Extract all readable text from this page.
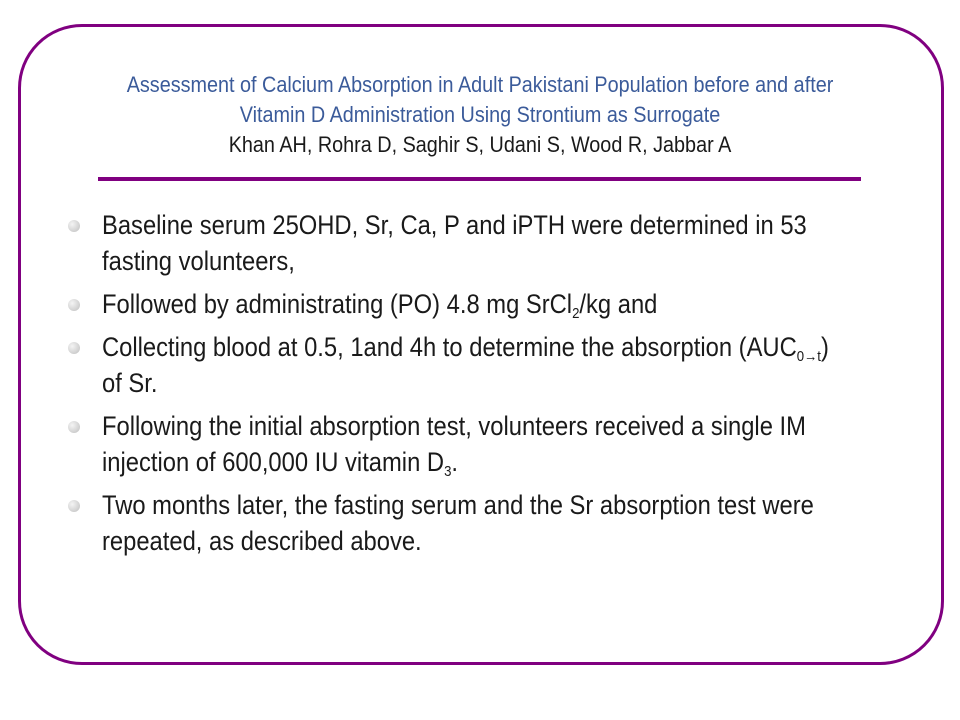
Assessment of Calcium Absorption in Adult Pakistani Population before and after
Vitamin D Administration Using Strontium as Surrogate
Khan AH, Rohra D, Saghir S, Udani S, Wood R, Jabbar A
Baseline serum 25OHD, Sr, Ca, P and iPTH were determined in 53
fasting volunteers,
Followed by administrating (PO) 4.8 mg SrCl$_2$/kg and
Collecting blood at 0.5, 1and 4h to determine the absorption $(AUC_{0\to t})$
of Sr.
Following the initial absorption test, volunteers received a single IM
injection of 600,000 IU vitamin $D_3$.
Two months later, the fasting serum and the Sr absorption test were
repeated, as described above.
